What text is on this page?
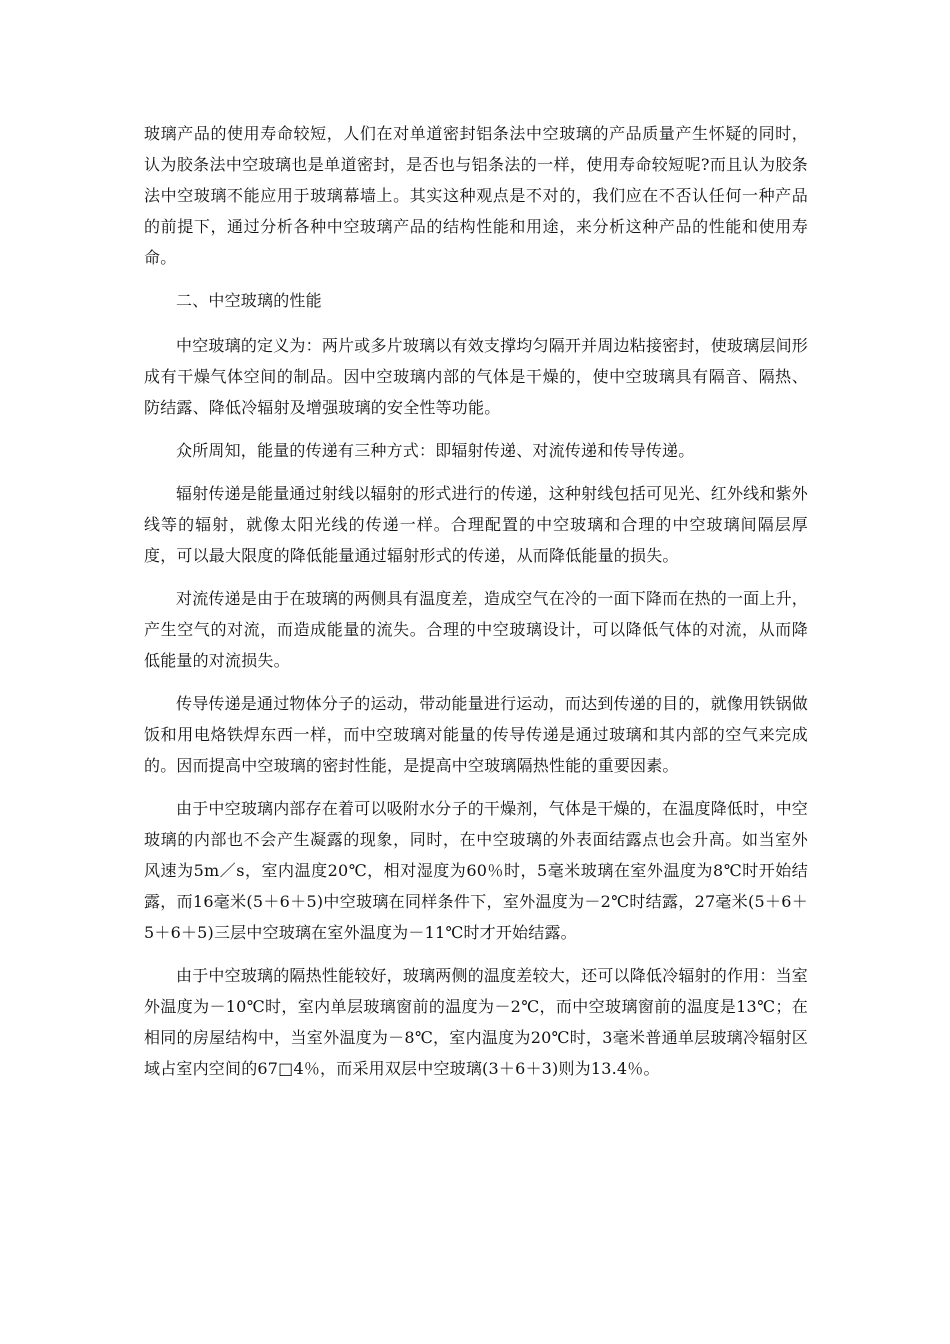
玻璃产品的使用寿命较短，人们在对单道密封铝条法中空玻璃的产品质量产生怀疑的同时，认为胶条法中空玻璃也是单道密封，是否也与铝条法的一样，使用寿命较短呢?而且认为胶条法中空玻璃不能应用于玻璃幕墙上。其实这种观点是不对的，我们应在不否认任何一种产品的前提下，通过分析各种中空玻璃产品的结构性能和用途，来分析这种产品的性能和使用寿命。

二、中空玻璃的性能

中空玻璃的定义为：两片或多片玻璃以有效支撑均匀隔开并周边粘接密封，使玻璃层间形成有干燥气体空间的制品。因中空玻璃内部的气体是干燥的，使中空玻璃具有隔音、隔热、防结露、降低冷辐射及增强玻璃的安全性等功能。

众所周知，能量的传递有三种方式：即辐射传递、对流传递和传导传递。

辐射传递是能量通过射线以辐射的形式进行的传递，这种射线包括可见光、红外线和紫外线等的辐射，就像太阳光线的传递一样。合理配置的中空玻璃和合理的中空玻璃间隔层厚度，可以最大限度的降低能量通过辐射形式的传递，从而降低能量的损失。

对流传递是由于在玻璃的两侧具有温度差，造成空气在冷的一面下降而在热的一面上升，产生空气的对流，而造成能量的流失。合理的中空玻璃设计，可以降低气体的对流，从而降低能量的对流损失。

传导传递是通过物体分子的运动，带动能量进行运动，而达到传递的目的，就像用铁锅做饭和用电烙铁焊东西一样，而中空玻璃对能量的传导传递是通过玻璃和其内部的空气来完成的。因而提高中空玻璃的密封性能，是提高中空玻璃隔热性能的重要因素。

由于中空玻璃内部存在着可以吸附水分子的干燥剂，气体是干燥的，在温度降低时，中空玻璃的内部也不会产生凝露的现象，同时，在中空玻璃的外表面结露点也会升高。如当室外风速为5m／s，室内温度20℃，相对湿度为60％时，5毫米玻璃在室外温度为8℃时开始结露，而16毫米(5＋6＋5)中空玻璃在同样条件下，室外温度为－2℃时结露，27毫米(5＋6＋5＋6＋5)三层中空玻璃在室外温度为－11℃时才开始结露。

由于中空玻璃的隔热性能较好，玻璃两侧的温度差较大，还可以降低冷辐射的作用：当室外温度为－10℃时，室内单层玻璃窗前的温度为－2℃，而中空玻璃窗前的温度是13℃；在相同的房屋结构中，当室外温度为－8℃，室内温度为20℃时，3毫米普通单层玻璃冷辐射区域占室内空间的67□4％，而采用双层中空玻璃(3＋6＋3)则为13.4％。
